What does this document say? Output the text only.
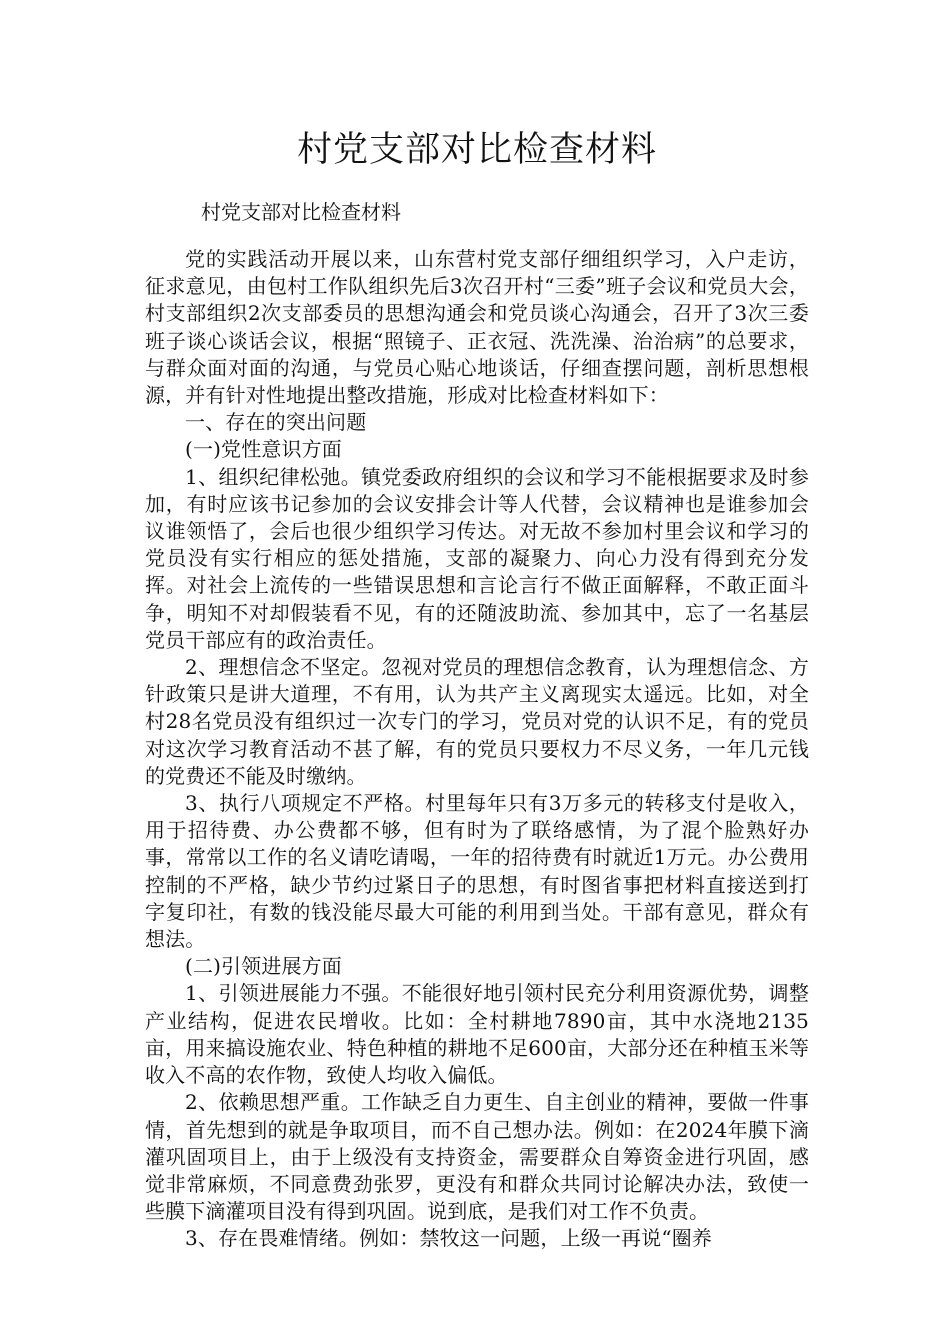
村党支部对比检查材料

村党支部对比检查材料

党的实践活动开展以来，山东营村党支部仔细组织学习，入户走访，征求意见，由包村工作队组织先后3次召开村“三委”班子会议和党员大会，村支部组织2次支部委员的思想沟通会和党员谈心沟通会，召开了3次三委班子谈心谈话会议，根据“照镜子、正衣冠、洗洗澡、治治病”的总要求，与群众面对面的沟通，与党员心贴心地谈话，仔细查摆问题，剖析思想根源，并有针对性地提出整改措施，形成对比检查材料如下：

一、存在的突出问题

(一)党性意识方面

1、组织纪律松弛。镇党委政府组织的会议和学习不能根据要求及时参加，有时应该书记参加的会议安排会计等人代替，会议精神也是谁参加会议谁领悟了，会后也很少组织学习传达。对无故不参加村里会议和学习的党员没有实行相应的惩处措施，支部的凝聚力、向心力没有得到充分发挥。对社会上流传的一些错误思想和言论言行不做正面解释，不敢正面斗争，明知不对却假装看不见，有的还随波助流、参加其中，忘了一名基层党员干部应有的政治责任。

2、理想信念不坚定。忽视对党员的理想信念教育，认为理想信念、方针政策只是讲大道理，不有用，认为共产主义离现实太遥远。比如，对全村28名党员没有组织过一次专门的学习，党员对党的认识不足，有的党员对这次学习教育活动不甚了解，有的党员只要权力不尽义务，一年几元钱的党费还不能及时缴纳。

3、执行八项规定不严格。村里每年只有3万多元的转移支付是收入，用于招待费、办公费都不够，但有时为了联络感情，为了混个脸熟好办事，常常以工作的名义请吃请喝，一年的招待费有时就近1万元。办公费用控制的不严格，缺少节约过紧日子的思想，有时图省事把材料直接送到打字复印社，有数的钱没能尽最大可能的利用到当处。干部有意见，群众有想法。

(二)引领进展方面

1、引领进展能力不强。不能很好地引领村民充分利用资源优势，调整产业结构，促进农民增收。比如：全村耕地7890亩，其中水浇地2135亩，用来搞设施农业、特色种植的耕地不足600亩，大部分还在种植玉米等收入不高的农作物，致使人均收入偏低。

2、依赖思想严重。工作缺乏自力更生、自主创业的精神，要做一件事情，首先想到的就是争取项目，而不自己想办法。例如：在2024年膜下滴灌巩固项目上，由于上级没有支持资金，需要群众自筹资金进行巩固，感觉非常麻烦，不同意费劲张罗，更没有和群众共同讨论解决办法，致使一些膜下滴灌项目没有得到巩固。说到底，是我们对工作不负责。

3、存在畏难情绪。例如：禁牧这一问题，上级一再说“圈养
